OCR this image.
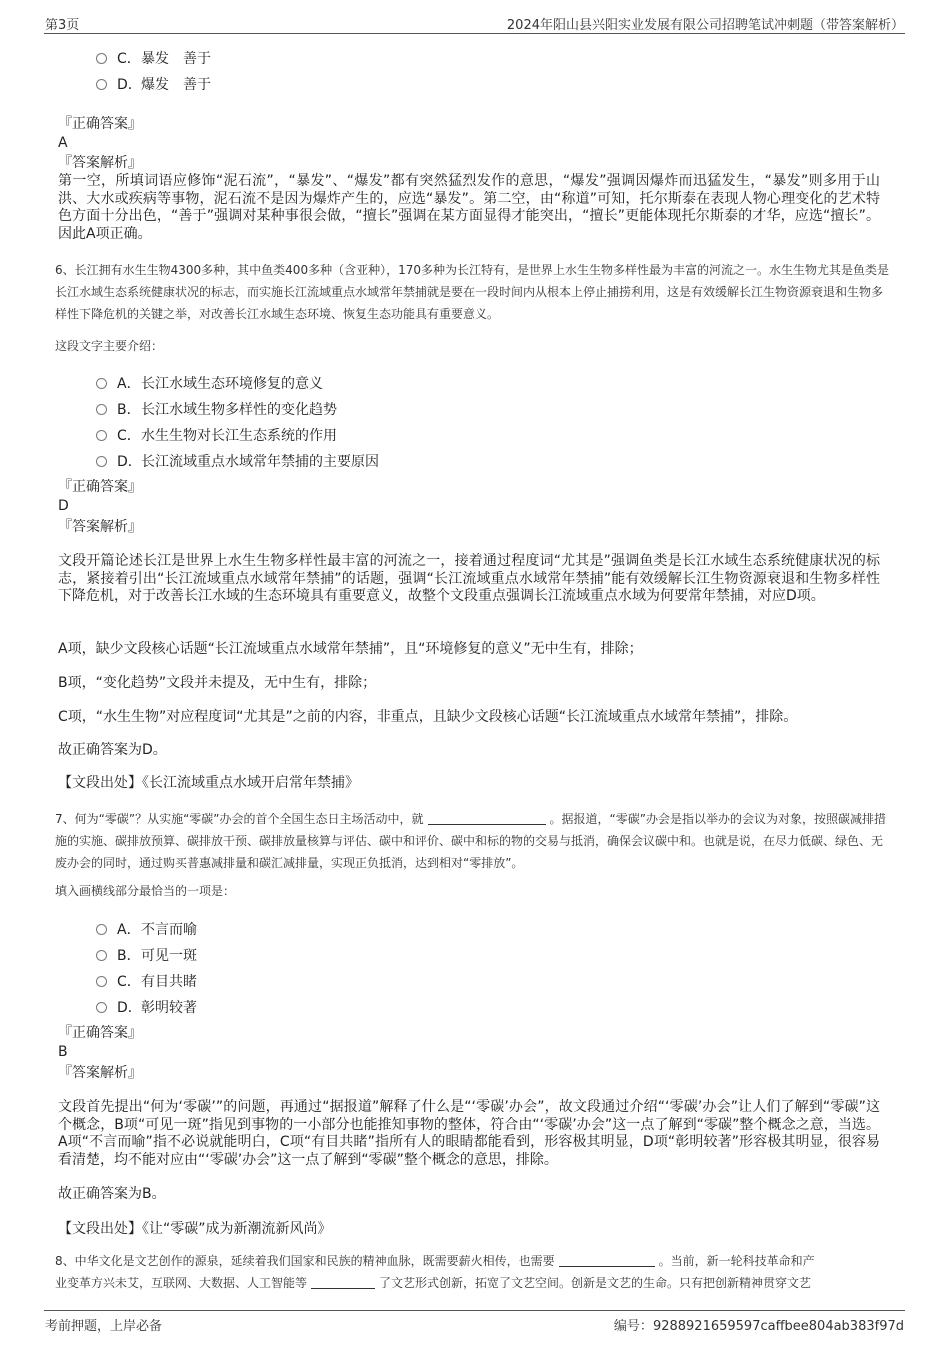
第3页	2024年阳山县兴阳实业发展有限公司招聘笔试冲刺题（带答案解析）
C．暴发　善于
D．爆发　善于
『正确答案』
A
『答案解析』
第一空，所填词语应修饰“泥石流”，“暴发”、“爆发”都有突然猛烈发作的意思，“爆发”强调因爆炸而迅猛发生，“暴发”则多用于山洪、大水或疾病等事物，泥石流不是因为爆炸产生的，应选“暴发”。第二空，由“称道”可知，托尔斯泰在表现人物心理变化的艺术特色方面十分出色，“善于”强调对某种事很会做，“擅长”强调在某方面显得才能突出，“擅长”更能体现托尔斯泰的才华，应选“擅长”。因此A项正确。
6、长江拥有水生生物4300多种，其中鱼类400多种（含亚种），170多种为长江特有，是世界上水生生物多样性最为丰富的河流之一。水生生物尤其是鱼类是长江水域生态系统健康状况的标志，而实施长江流域重点水域常年禁捕就是要在一段时间内从根本上停止捕捞利用，这是有效缓解长江生物资源衰退和生物多样性下降危机的关键之举，对改善长江水域生态环境、恢复生态功能具有重要意义。
这段文字主要介绍：
A．长江水域生态环境修复的意义
B．长江水域生物多样性的变化趋势
C．水生生物对长江生态系统的作用
D．长江流域重点水域常年禁捕的主要原因
『正确答案』
D
『答案解析』
文段开篇论述长江是世界上水生生物多样性最丰富的河流之一，接着通过程度词“尤其是”强调鱼类是长江水域生态系统健康状况的标志，紧接着引出“长江流域重点水域常年禁捕”的话题，强调“长江流域重点水域常年禁捕”能有效缓解长江生物资源衰退和生物多样性下降危机，对于改善长江水域的生态环境具有重要意义，故整个文段重点强调长江流域重点水域为何要常年禁捕，对应D项。
A项，缺少文段核心话题“长江流域重点水域常年禁捕”，且“环境修复的意义”无中生有，排除；
B项，“变化趋势”文段并未提及，无中生有，排除；
C项，“水生生物”对应程度词“尤其是”之前的内容，非重点，且缺少文段核心话题“长江流域重点水域常年禁捕”，排除。
故正确答案为D。
【文段出处】《长江流域重点水域开启常年禁捕》
7、何为“零碳”？从实施“零碳”办会的首个全国生态日主场活动中，就	。据报道，“零碳”办会是指以举办的会议为对象，按照碳减排措施的实施、碳排放预算、碳排放干预、碳排放量核算与评估、碳中和评价、碳中和标的物的交易与抵消，确保会议碳中和。也就是说，在尽力低碳、绿色、无废办会的同时，通过购买普惠减排量和碳汇减排量，实现正负抵消，达到相对“零排放”。
填入画横线部分最恰当的一项是：
A．不言而喻
B．可见一斑
C．有目共睹
D．彰明较著
『正确答案』
B
『答案解析』
文段首先提出“何为‘零碳’”的问题，再通过“据报道”解释了什么是“‘零碳’办会”，故文段通过介绍“‘零碳’办会”让人们了解到“零碳”这个概念，B项“可见一斑”指见到事物的一小部分也能推知事物的整体，符合由“‘零碳’办会”这一点了解到“零碳”整个概念之意，当选。A项“不言而喻”指不必说就能明白，C项“有目共睹”指所有人的眼睛都能看到，形容极其明显，D项“彰明较著”形容极其明显，很容易看清楚，均不能对应由“‘零碳’办会”这一点了解到“零碳”整个概念的意思，排除。
故正确答案为B。
【文段出处】《让“零碳”成为新潮流新风尚》
8、中华文化是文艺创作的源泉，延续着我们国家和民族的精神血脉，既需要薪火相传，也需要	。当前，新一轮科技革命和产
业变革方兴未艾，互联网、大数据、人工智能等	了文艺形式创新，拓宽了文艺空间。创新是文艺的生命。只有把创新精神贯穿文艺
考前押题，上岸必备	编号：9288921659597caffbee804ab383f97d
